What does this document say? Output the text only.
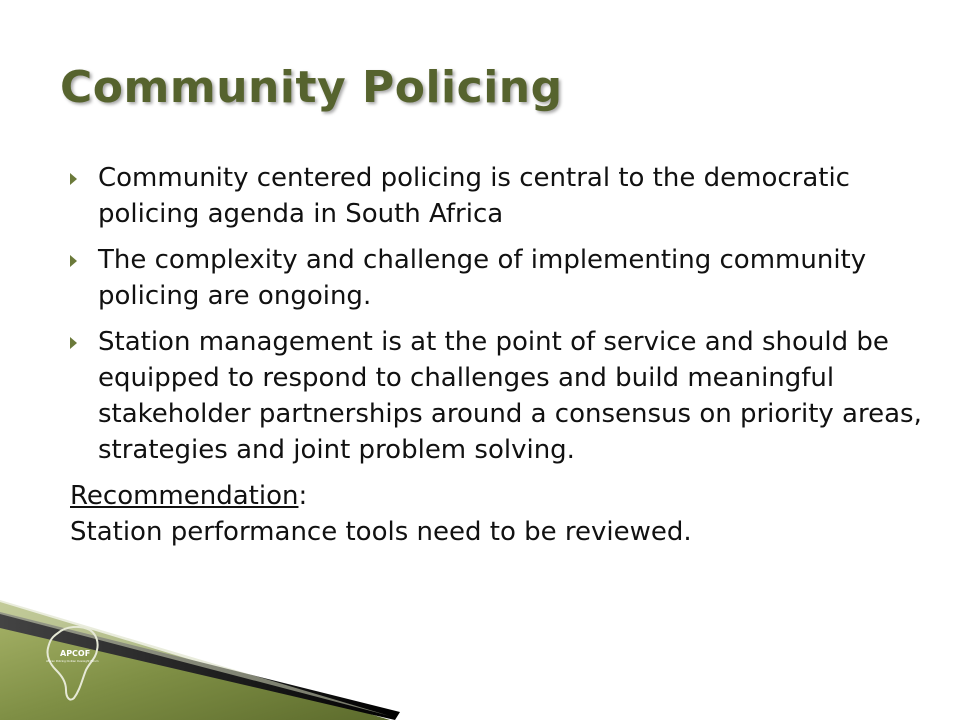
Community Policing
Community centered policing is central to the democratic policing agenda in South Africa
The complexity and challenge of implementing community policing are ongoing.
Station management is at the point of service and should be equipped to respond to challenges and build meaningful stakeholder partnerships around a consensus on priority areas, strategies and joint problem solving.
Recommendation:
Station performance tools need to be reviewed.
APCOF
African Policing Civilian Oversight Forum
